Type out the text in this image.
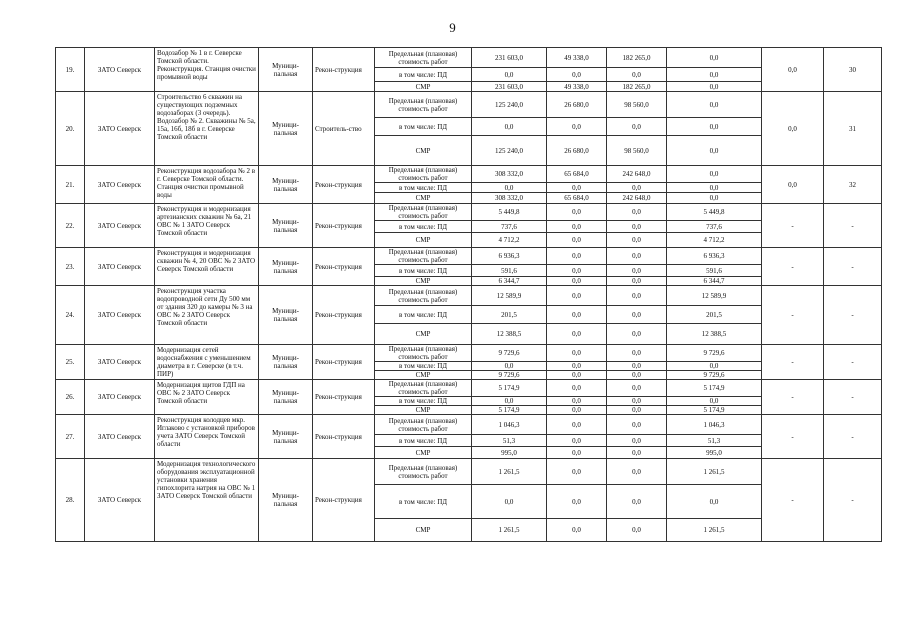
9
19.	ЗАТО Северск	Водозабор № 1 в г. Северске Томской области. Реконструкция. Станция очистки промывной воды	Муници-пальная	Рекон-струкция	Предельная (плановая) стоимость работ	231 603,0	49 338,0	182 265,0	0,0	0,0	30
					в том числе: ПД	0,0	0,0	0,0	0,0		
					СМР	231 603,0	49 338,0	182 265,0	0,0		
20.	ЗАТО Северск	Строительство 6 скважин на существующих подземных водозаборах (3 очередь). Водозабор № 2. Скважины № 5а, 15а, 16б, 18б в г. Северске Томской области	Муници-пальная	Строитель-ство	Предельная (плановая) стоимость работ	125 240,0	26 680,0	98 560,0	0,0	0,0	31
					в том числе: ПД	0,0	0,0	0,0	0,0		
					СМР	125 240,0	26 680,0	98 560,0	0,0		
21.	ЗАТО Северск	Реконструкция водозабора № 2 в г. Северске Томской области. Станция очистки промывной воды	Муници-пальная	Рекон-струкция	Предельная (плановая) стоимость работ	308 332,0	65 684,0	242 648,0	0,0	0,0	32
					в том числе: ПД	0,0	0,0	0,0	0,0		
					СМР	308 332,0	65 684,0	242 648,0	0,0		
22.	ЗАТО Северск	Реконструкция и модернизация артезианских скважин № 6а, 21 ОВС № 1 ЗАТО Северск Томской области	Муници-пальная	Рекон-струкция	Предельная (плановая) стоимость работ	5 449,8	0,0	0,0	5 449,8	-	-
					в том числе: ПД	737,6	0,0	0,0	737,6		
					СМР	4 712,2	0,0	0,0	4 712,2		
23.	ЗАТО Северск	Реконструкция и модернизация скважин № 4, 20 ОВС № 2 ЗАТО Северск Томской области	Муници-пальная	Рекон-струкция	Предельная (плановая) стоимость работ	6 936,3	0,0	0,0	6 936,3	-	-
					в том числе: ПД	591,6	0,0	0,0	591,6		
					СМР	6 344,7	0,0	0,0	6 344,7		
24.	ЗАТО Северск	Реконструкция участка водопроводной сети Ду 500 мм от здания 320 до камеры № 3 на ОВС № 2 ЗАТО Северск Томской области	Муници-пальная	Рекон-струкция	Предельная (плановая) стоимость работ	12 589,9	0,0	0,0	12 589,9	-	-
					в том числе: ПД	201,5	0,0	0,0	201,5		
					СМР	12 388,5	0,0	0,0	12 388,5		
25.	ЗАТО Северск	Модернизация сетей водоснабжения с уменьшением диаметра в г. Северске (в т.ч. ПИР)	Муници-пальная	Рекон-струкция	Предельная (плановая) стоимость работ	9 729,6	0,0	0,0	9 729,6	-	-
					в том числе: ПД	0,0	0,0	0,0	0,0		
					СМР	9 729,6	0,0	0,0	9 729,6		
26.	ЗАТО Северск	Модернизация щитов ГДП на ОВС № 2 ЗАТО Северск Томской области	Муници-пальная	Рекон-струкция	Предельная (плановая) стоимость работ	5 174,9	0,0	0,0	5 174,9	-	-
					в том числе: ПД	0,0	0,0	0,0	0,0		
					СМР	5 174,9	0,0	0,0	5 174,9		
27.	ЗАТО Северск	Реконструкция колодцев мкр. Иглаково с установкой приборов учета ЗАТО Северск Томской области	Муници-пальная	Рекон-струкция	Предельная (плановая) стоимость работ	1 046,3	0,0	0,0	1 046,3	-	-
					в том числе: ПД	51,3	0,0	0,0	51,3		
					СМР	995,0	0,0	0,0	995,0		
28.	ЗАТО Северск	Модернизация технологического оборудования эксплуатационной установки хранения гипохлорита натрия на ОВС № 1 ЗАТО Северск Томской области	Муници-пальная	Рекон-струкция	Предельная (плановая) стоимость работ	1 261,5	0,0	0,0	1 261,5	-	-
					в том числе: ПД	0,0	0,0	0,0	0,0		
					СМР	1 261,5	0,0	0,0	1 261,5		
